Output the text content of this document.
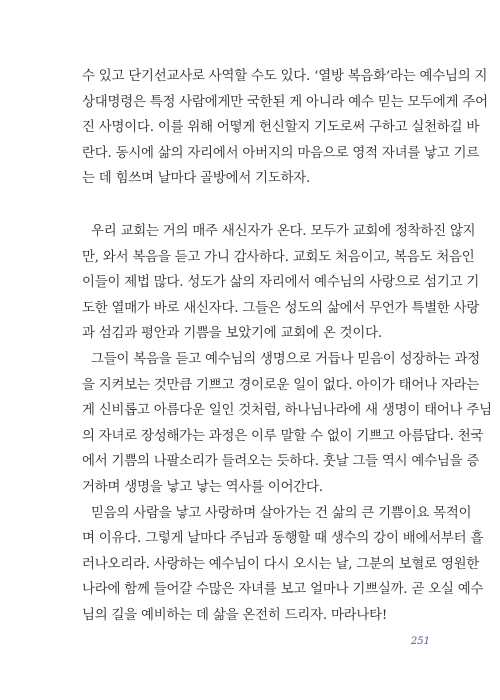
수 있고 단기선교사로 사역할 수도 있다. ‘열방 복음화’라는 예수님의 지
상대명령은 특정 사람에게만 국한된 게 아니라 예수 믿는 모두에게 주어
진 사명이다. 이를 위해 어떻게 헌신할지 기도로써 구하고 실천하길 바
란다. 동시에 삶의 자리에서 아버지의 마음으로 영적 자녀를 낳고 기르
는 데 힘쓰며 날마다 골방에서 기도하자.
우리 교회는 거의 매주 새신자가 온다. 모두가 교회에 정착하진 않지
만, 와서 복음을 듣고 가니 감사하다. 교회도 처음이고, 복음도 처음인
이들이 제법 많다. 성도가 삶의 자리에서 예수님의 사랑으로 섬기고 기
도한 열매가 바로 새신자다. 그들은 성도의 삶에서 무언가 특별한 사랑
과 섬김과 평안과 기쁨을 보았기에 교회에 온 것이다.
그들이 복음을 듣고 예수님의 생명으로 거듭나 믿음이 성장하는 과정
을 지켜보는 것만큼 기쁘고 경이로운 일이 없다. 아이가 태어나 자라는
게 신비롭고 아름다운 일인 것처럼, 하나님나라에 새 생명이 태어나 주님
의 자녀로 장성해가는 과정은 이루 말할 수 없이 기쁘고 아름답다. 천국
에서 기쁨의 나팔소리가 들려오는 듯하다. 훗날 그들 역시 예수님을 증
거하며 생명을 낳고 낳는 역사를 이어간다.
믿음의 사람을 낳고 사랑하며 살아가는 건 삶의 큰 기쁨이요 목적이
며 이유다. 그렇게 날마다 주님과 동행할 때 생수의 강이 배에서부터 흘
러나오리라. 사랑하는 예수님이 다시 오시는 날, 그분의 보혈로 영원한
나라에 함께 들어갈 수많은 자녀를 보고 얼마나 기쁘실까. 곧 오실 예수
님의 길을 예비하는 데 삶을 온전히 드리자. 마라나타!
251
